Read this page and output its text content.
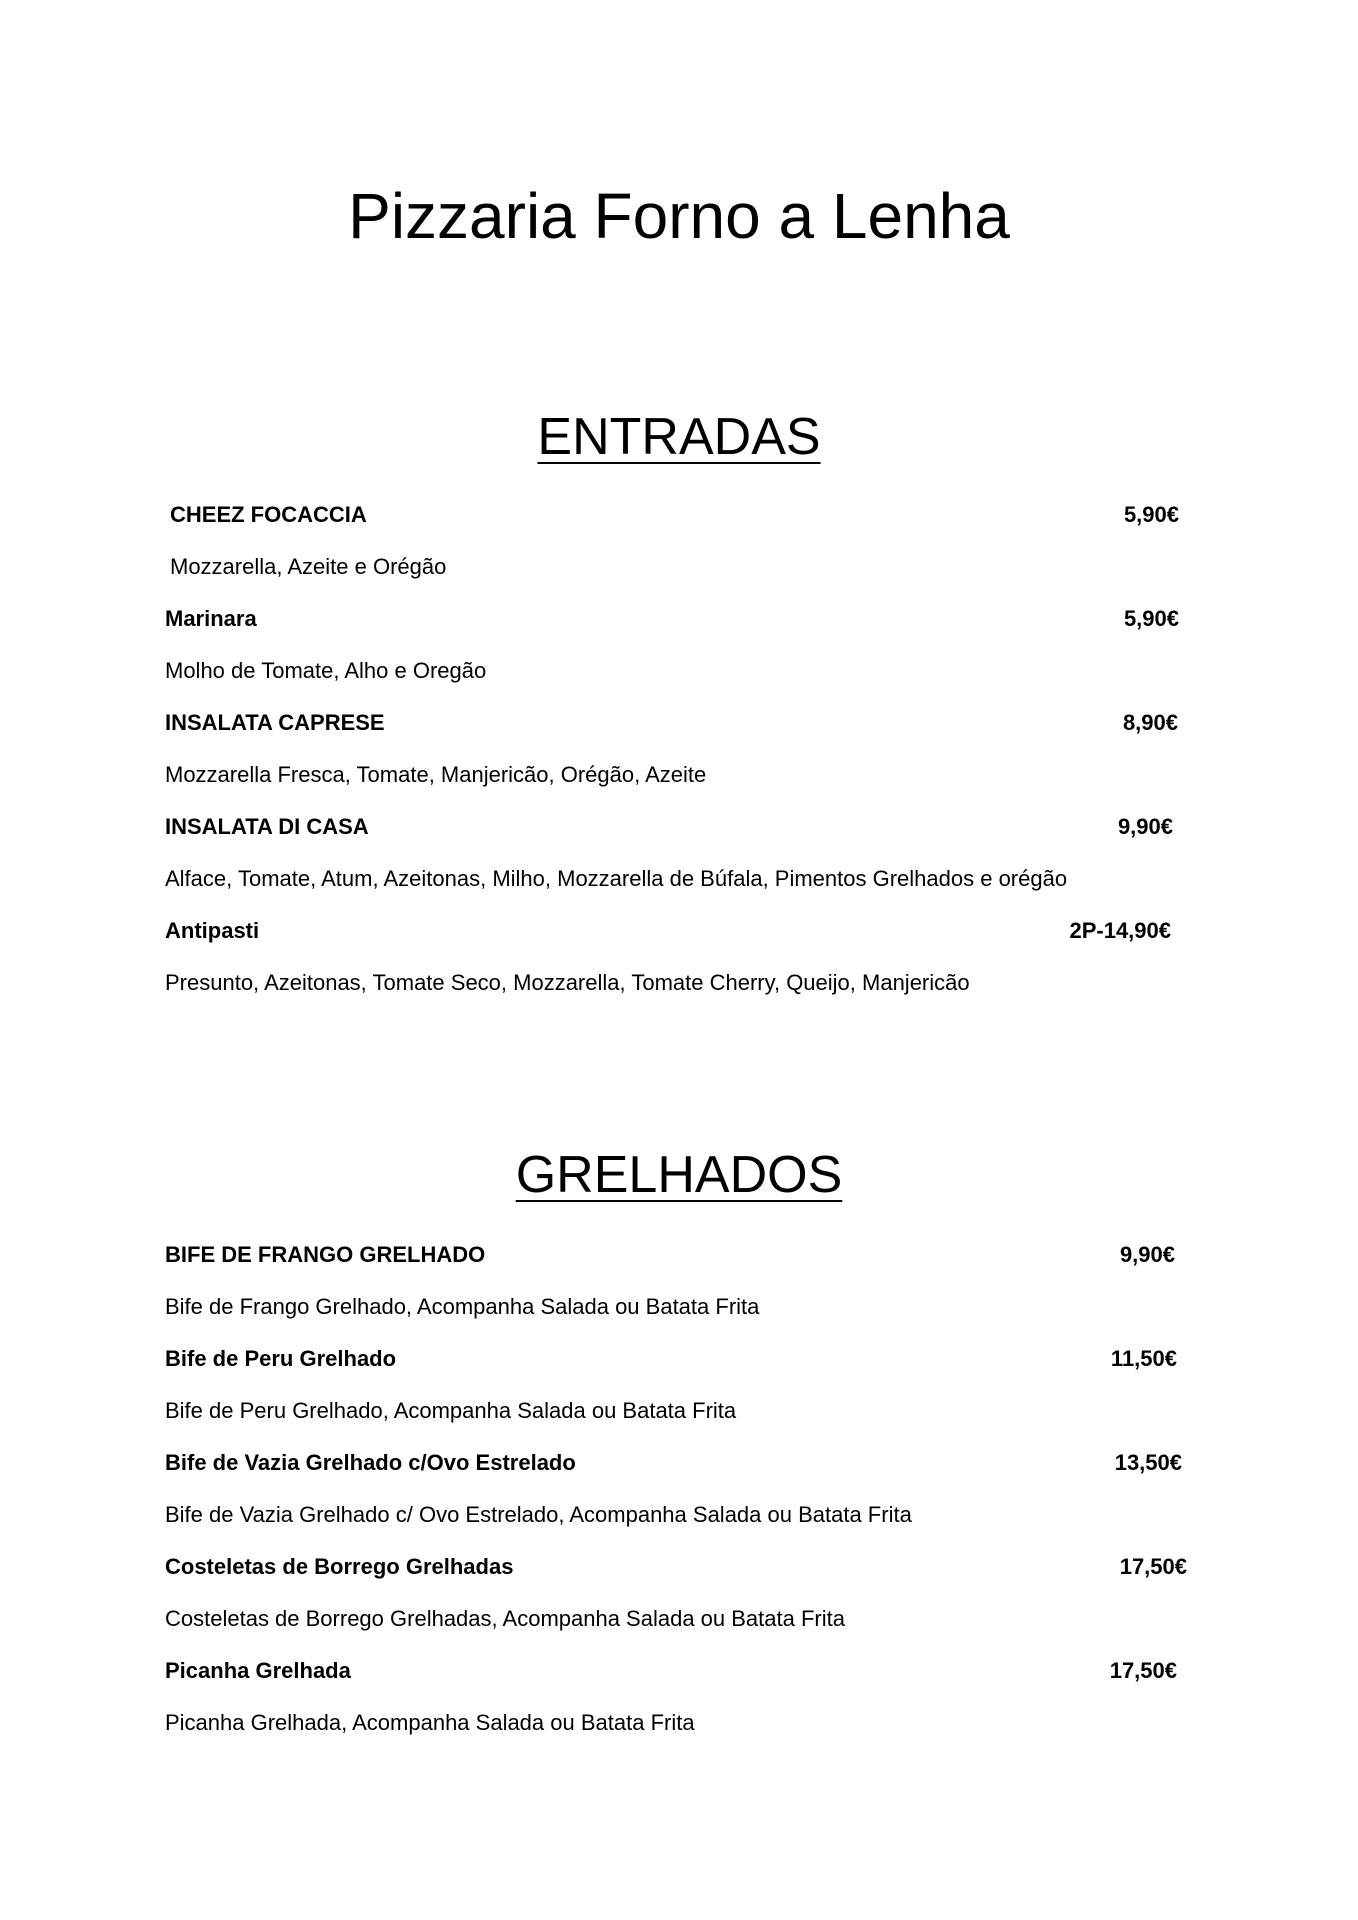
Pizzaria Forno a Lenha
ENTRADAS
CHEEZ FOCACCIA	5,90€
Mozzarella, Azeite e Orégão
Marinara	5,90€
Molho de Tomate, Alho e Oregão
INSALATA CAPRESE	8,90€
Mozzarella Fresca, Tomate, Manjericão, Orégão, Azeite
INSALATA DI CASA	9,90€
Alface, Tomate, Atum, Azeitonas, Milho, Mozzarella de Búfala, Pimentos Grelhados e orégão
Antipasti	2P-14,90€
Presunto, Azeitonas, Tomate Seco, Mozzarella, Tomate Cherry, Queijo, Manjericão
GRELHADOS
BIFE DE FRANGO GRELHADO	9,90€
Bife de Frango Grelhado, Acompanha Salada ou Batata Frita
Bife de Peru Grelhado	11,50€
Bife de Peru Grelhado, Acompanha Salada ou Batata Frita
Bife de Vazia Grelhado c/Ovo Estrelado	13,50€
Bife de Vazia Grelhado c/ Ovo Estrelado, Acompanha Salada ou Batata Frita
Costeletas de Borrego Grelhadas	17,50€
Costeletas de Borrego Grelhadas, Acompanha Salada ou Batata Frita
Picanha Grelhada	17,50€
Picanha Grelhada, Acompanha Salada ou Batata Frita
